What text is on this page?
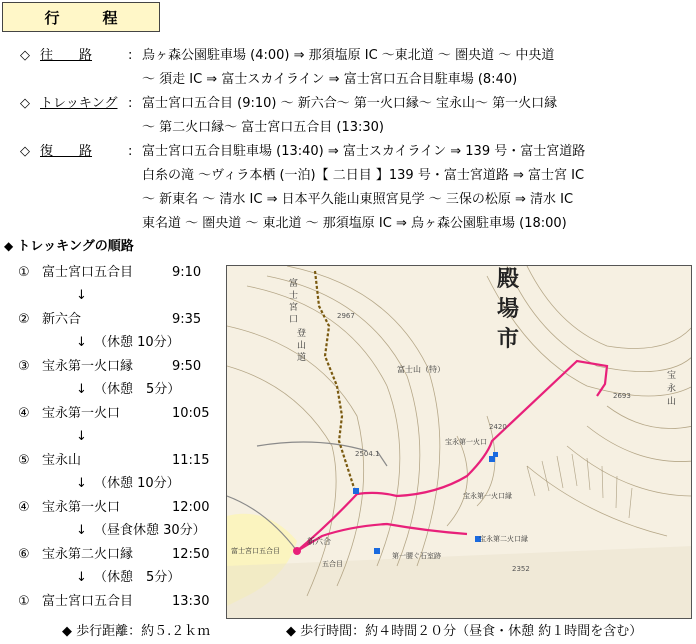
行　程
◇ 往　　路	: 烏ヶ森公園駐車場 (4:00) ⇒ 那須塩原 IC ～東北道 ～ 圏央道 ～ 中央道
～ 須走 IC ⇒ 富士スカイライン ⇒ 富士宮口五合目駐車場 (8:40)
◇ トレッキング : 富士宮口五合目 (9:10) ～ 新六合～ 第一火口縁～ 宝永山～ 第一火口縁
～ 第二火口縁～ 富士宮口五合目 (13:30)
◇ 復　　路	: 富士宮口五合目駐車場 (13:40) ⇒ 富士スカイライン ⇒ 139 号・富士宮道路
白糸の滝 ～ヴィラ本栖 (一泊)【 二日目 】139 号・富士宮道路 ⇒ 富士宮 IC
～ 新東名 ～ 清水 IC ⇒ 日本平久能山東照宮見学 ～ 三保の松原 ⇒ 清水 IC
東名道 ～ 圏央道 ～ 東北道 ～ 那須塩原 IC ⇒ 烏ヶ森公園駐車場 (18:00)
◆ トレッキングの順路
① 富士宮口五合目	9:10
↓
② 新六合	9:35
↓ （休憩 10分）
③ 宝永第一火口縁	9:50
↓ （休憩　5分）
④ 宝永第一火口	10:05
↓
⑤ 宝永山	11:15
↓ （休憩 10分）
④ 宝永第一火口	12:00
↓ （昼食休憩 30分）
⑥ 宝永第二火口縁	12:50
↓ （休憩　5分）
① 富士宮口五合目	13:30
殿
場
市
富士山（特）
宝
永
山
2967
2693
2420
2504.1
2352
宝永第一火口
宝永第一火口縁
宝永第二火口縁
新六合
富士宮口五合目
五合目
第一腰ぐ石室跡
富
士
宮
口
登
山
道
◆ 歩行距離：約５.２ｋｍ	◆ 歩行時間：約４時間２０分（昼食・休憩 約１時間を含む）
